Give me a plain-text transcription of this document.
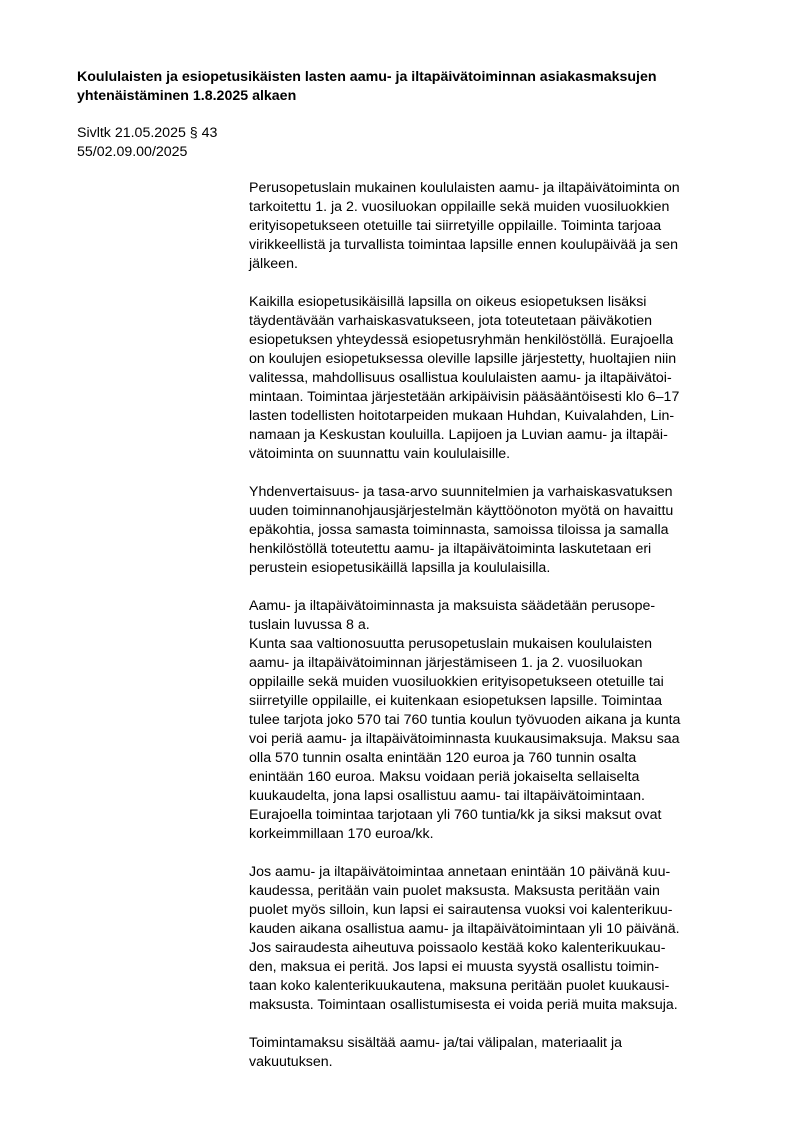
Koululaisten ja esiopetusikäisten lasten aamu- ja iltapäivätoiminnan asiakasmaksujen
yhtenäistäminen 1.8.2025 alkaen
Sivltk 21.05.2025 § 43
55/02.09.00/2025

Perusopetuslain mukainen koululaisten aamu- ja iltapäivätoiminta on
tarkoitettu 1. ja 2. vuosiluokan oppilaille sekä muiden vuosiluokkien
erityisopetukseen otetuille tai siirretyille oppilaille. Toiminta tarjoaa
virikkeellistä ja turvallista toimintaa lapsille ennen koulupäivää ja sen
jälkeen.

Kaikilla esiopetusikäisillä lapsilla on oikeus esiopetuksen lisäksi
täydentävään varhaiskasvatukseen, jota toteutetaan päiväkotien
esiopetuksen yhteydessä esiopetusryhmän henkilöstöllä. Eurajoella
on koulujen esiopetuksessa oleville lapsille järjestetty, huoltajien niin
valitessa, mahdollisuus osallistua koululaisten aamu- ja iltapäivätoi-
mintaan. Toimintaa järjestetään arkipäivisin pääsääntöisesti klo 6–17
lasten todellisten hoitotarpeiden mukaan Huhdan, Kuivalahden, Lin-
namaan ja Keskustan kouluilla. Lapijoen ja Luvian aamu- ja iltapäi-
vätoiminta on suunnattu vain koululaisille.

Yhdenvertaisuus- ja tasa-arvo suunnitelmien ja varhaiskasvatuksen
uuden toiminnanohjausjärjestelmän käyttöönoton myötä on havaittu
epäkohtia, jossa samasta toiminnasta, samoissa tiloissa ja samalla
henkilöstöllä toteutettu aamu- ja iltapäivätoiminta laskutetaan eri
perustein esiopetusikäillä lapsilla ja koululaisilla.

Aamu- ja iltapäivätoiminnasta ja maksuista säädetään perusope-
tuslain luvussa 8 a.

Kunta saa valtionosuutta perusopetuslain mukaisen koululaisten
aamu- ja iltapäivätoiminnan järjestämiseen 1. ja 2. vuosiluokan
oppilaille sekä muiden vuosiluokkien erityisopetukseen otetuille tai
siirretyille oppilaille, ei kuitenkaan esiopetuksen lapsille. Toimintaa
tulee tarjota joko 570 tai 760 tuntia koulun työvuoden aikana ja kunta
voi periä aamu- ja iltapäivätoiminnasta kuukausimaksuja. Maksu saa
olla 570 tunnin osalta enintään 120 euroa ja 760 tunnin osalta
enintään 160 euroa. Maksu voidaan periä jokaiselta sellaiselta
kuukaudelta, jona lapsi osallistuu aamu- tai iltapäivätoimintaan.
Eurajoella toimintaa tarjotaan yli 760 tuntia/kk ja siksi maksut ovat
korkeimmillaan 170 euroa/kk.

Jos aamu- ja iltapäivätoimintaa annetaan enintään 10 päivänä kuu-
kaudessa, peritään vain puolet maksusta. Maksusta peritään vain
puolet myös silloin, kun lapsi ei sairautensa vuoksi voi kalenterikuu-
kauden aikana osallistua aamu- ja iltapäivätoimintaan yli 10 päivänä.
Jos sairaudesta aiheutuva poissaolo kestää koko kalenterikuukau-
den, maksua ei peritä. Jos lapsi ei muusta syystä osallistu toimin-
taan koko kalenterikuukautena, maksuna peritään puolet kuukausi-
maksusta. Toimintaan osallistumisesta ei voida periä muita maksuja.

Toimintamaksu sisältää aamu- ja/tai välipalan, materiaalit ja
vakuutuksen.
